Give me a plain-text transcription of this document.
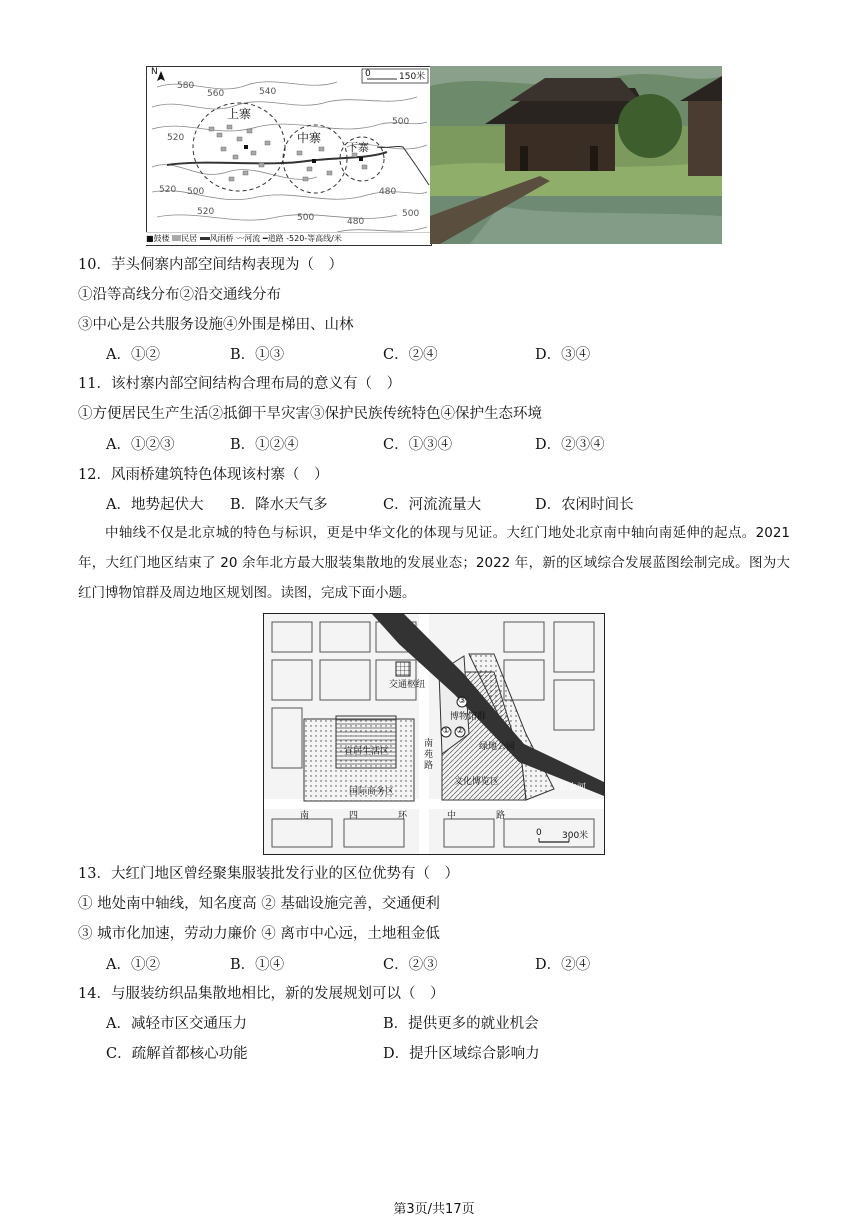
N	0	150米
上寨
中寨
下寨
580
560	540
520
500
520 500	480
500
520
500	480
■鼓楼 民居 风雨桥 〰河流 ━道路 -520-等高线/米
10．芋头侗寨内部空间结构表现为（　）
①沿等高线分布②沿交通线分布
③中心是公共服务设施④外围是梯田、山林
A．①②	B．①③	C．②④	D．③④
11．该村寨内部空间结构合理布局的意义有（　）
①方便居民生产生活②抵御干旱灾害③保护民族传统特色④保护生态环境
A．①②③	B．①②④	C．①③④	D．②③④
12．风雨桥建筑特色体现该村寨（　）
A．地势起伏大 B．降水天气多	C．河流流量大	D．农闲时间长
中轴线不仅是北京城的特色与标识，更是中华文化的体现与见证。大红门地处北京南中轴向南延伸的起点。2021 年，大红门地区结束了 20 余年北方最大服装集散地的发展业态；2022 年，新的区域综合发展蓝图绘制完成。图为大红门博物馆群及周边地区规划图。读图，完成下面小题。
交通枢纽
博物馆群
宜居生活区
南苑路
国际商务区
绿地公园
文化博览区
凉水河
南四环中路
③
① ②
0 300米
13．大红门地区曾经聚集服装批发行业的区位优势有（　）
① 地处南中轴线，知名度高 ② 基础设施完善，交通便利
③ 城市化加速，劳动力廉价 ④ 离市中心远，土地租金低
A．①②	B．①④	C．②③	D．②④
14．与服装纺织品集散地相比，新的发展规划可以（　）
A．减轻市区交通压力	B．提供更多的就业机会
C．疏解首都核心功能	D．提升区域综合影响力
第3页/共17页
